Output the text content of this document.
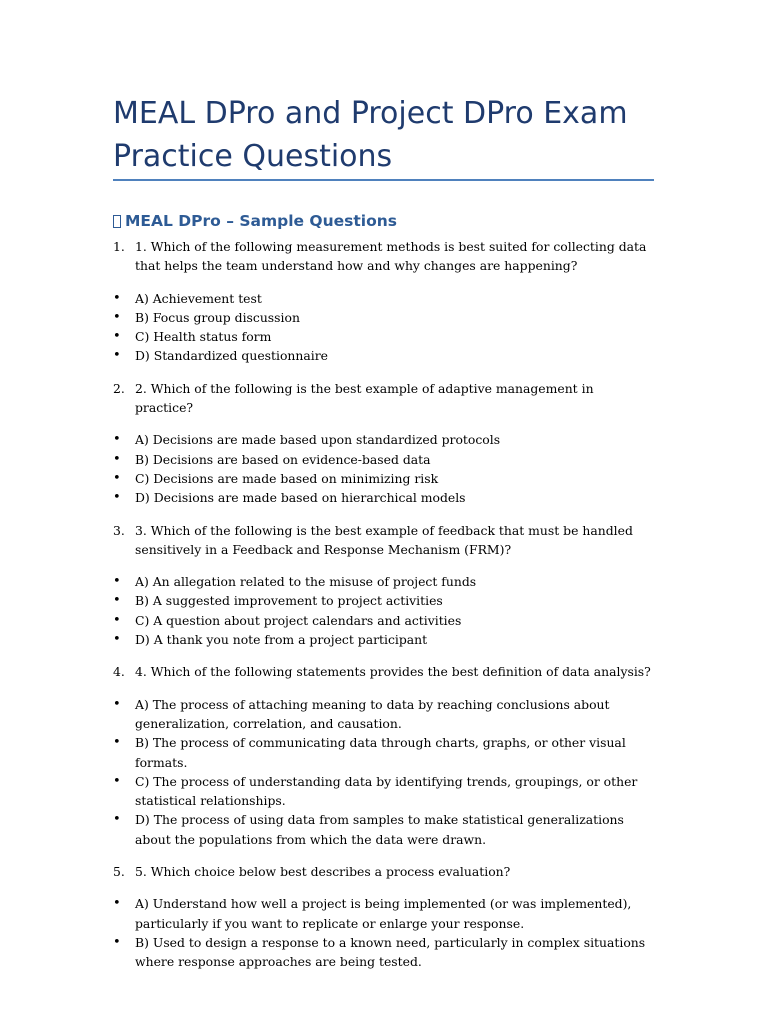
MEAL DPro and Project DPro Exam Practice Questions
MEAL DPro – Sample Questions
1. 1. Which of the following measurement methods is best suited for collecting data that helps the team understand how and why changes are happening?
•	A) Achievement test
•	B) Focus group discussion
•	C) Health status form
•	D) Standardized questionnaire
2. 2. Which of the following is the best example of adaptive management in practice?
•	A) Decisions are made based upon standardized protocols
•	B) Decisions are based on evidence-based data
•	C) Decisions are made based on minimizing risk
•	D) Decisions are made based on hierarchical models
3. 3. Which of the following is the best example of feedback that must be handled sensitively in a Feedback and Response Mechanism (FRM)?
•	A) An allegation related to the misuse of project funds
•	B) A suggested improvement to project activities
•	C) A question about project calendars and activities
•	D) A thank you note from a project participant
4. 4. Which of the following statements provides the best definition of data analysis?
•	A) The process of attaching meaning to data by reaching conclusions about generalization, correlation, and causation.
•	B) The process of communicating data through charts, graphs, or other visual formats.
•	C) The process of understanding data by identifying trends, groupings, or other statistical relationships.
•	D) The process of using data from samples to make statistical generalizations about the populations from which the data were drawn.
5. 5. Which choice below best describes a process evaluation?
•	A) Understand how well a project is being implemented (or was implemented), particularly if you want to replicate or enlarge your response.
•	B) Used to design a response to a known need, particularly in complex situations where response approaches are being tested.
